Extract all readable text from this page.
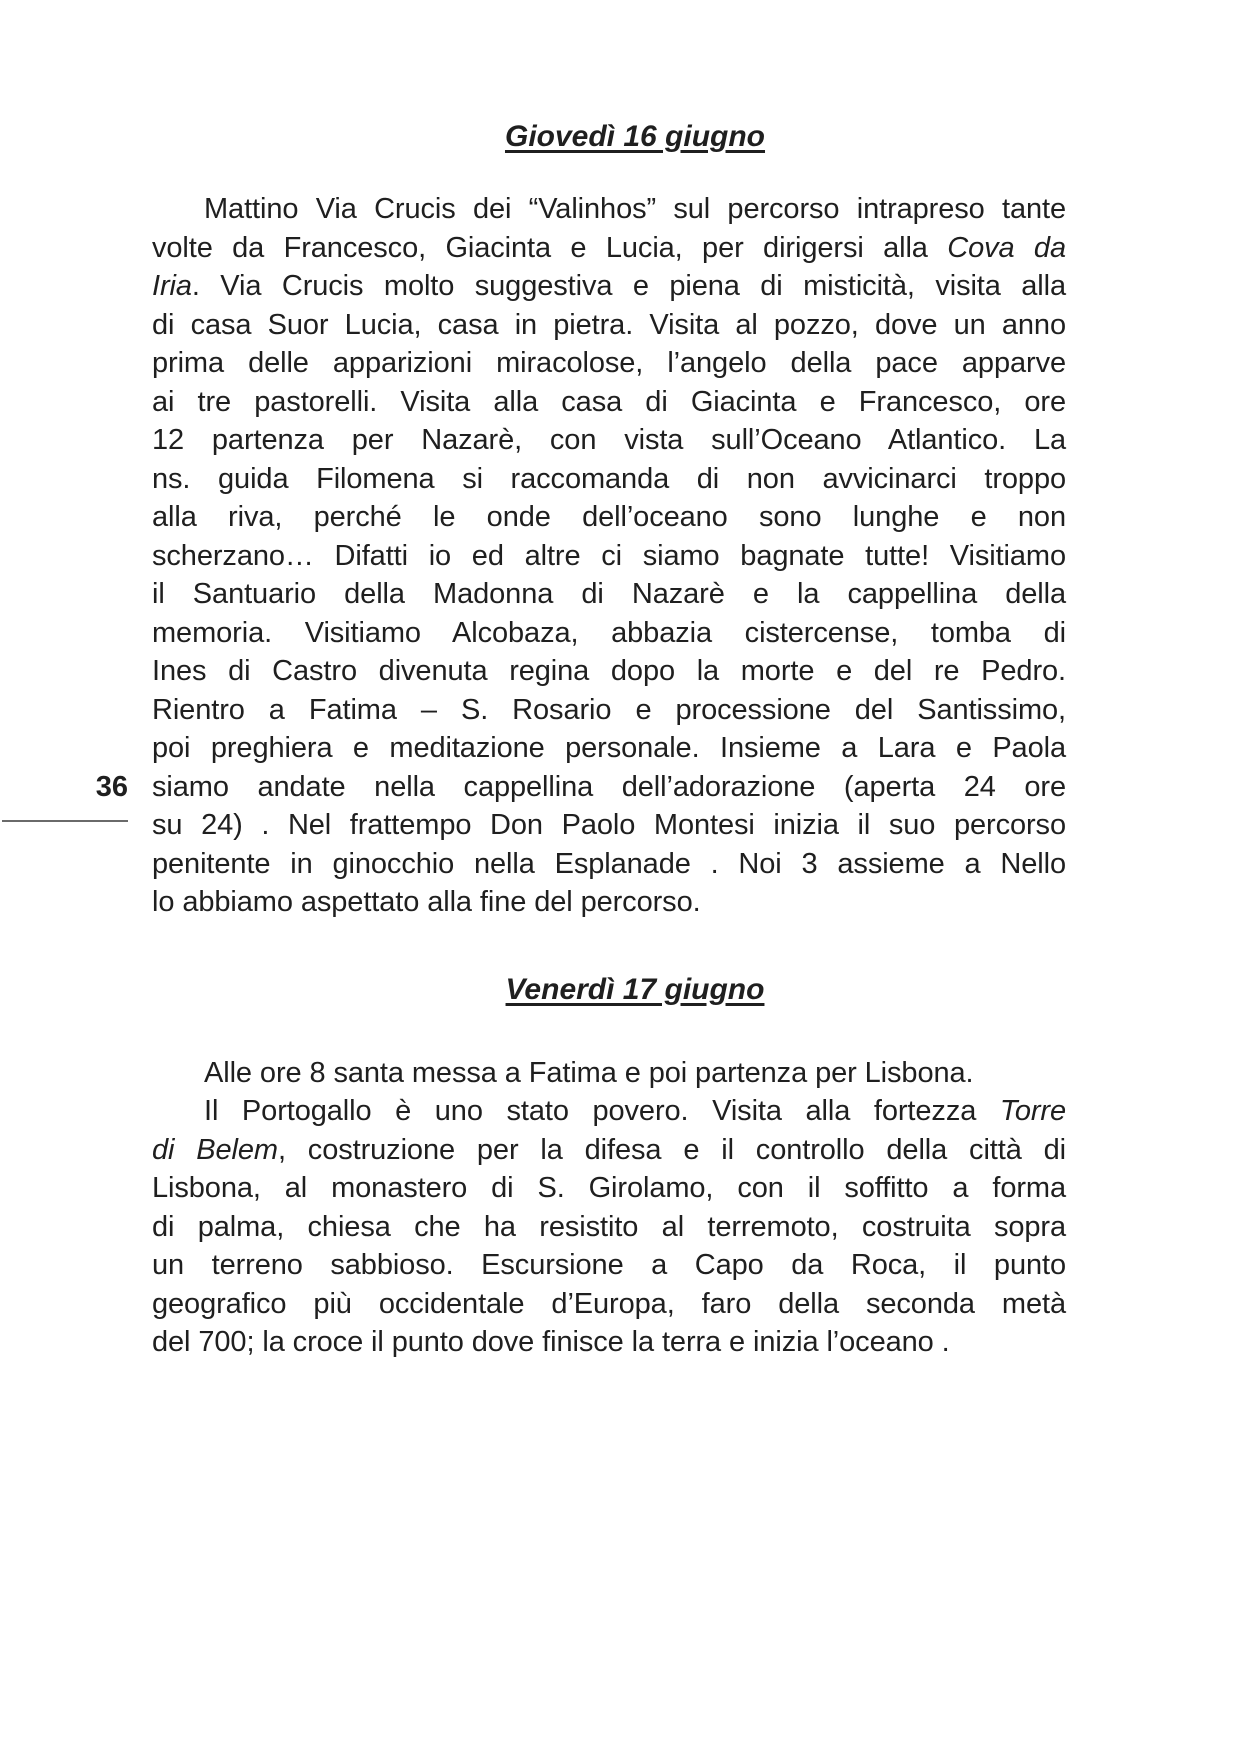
36
Giovedì 16 giugno
Mattino Via Crucis dei “Valinhos” sul percorso intrapreso tante
volte da Francesco, Giacinta e Lucia, per dirigersi alla Cova da
Iria. Via Crucis molto suggestiva e piena di misticità, visita alla
di casa Suor Lucia, casa in pietra. Visita al pozzo, dove un anno
prima delle apparizioni miracolose, l’angelo della pace apparve
ai tre pastorelli. Visita alla casa di Giacinta e Francesco, ore
12 partenza per Nazarè, con vista sull’Oceano Atlantico. La
ns. guida Filomena si raccomanda di non avvicinarci troppo
alla riva, perché le onde dell’oceano sono lunghe e non
scherzano… Difatti io ed altre ci siamo bagnate tutte! Visitiamo
il Santuario della Madonna di Nazarè e la cappellina della
memoria. Visitiamo Alcobaza, abbazia cistercense, tomba di
Ines di Castro divenuta regina dopo la morte e del re Pedro.
Rientro a Fatima – S. Rosario e processione del Santissimo,
poi preghiera e meditazione personale. Insieme a Lara e Paola
siamo andate nella cappellina dell’adorazione (aperta 24 ore
su 24) . Nel frattempo Don Paolo Montesi inizia il suo percorso
penitente in ginocchio nella Esplanade . Noi 3 assieme a Nello
lo abbiamo aspettato alla fine del percorso.
Venerdì 17 giugno
Alle ore 8 santa messa a Fatima e poi partenza per Lisbona.
Il Portogallo è uno stato povero. Visita alla fortezza Torre
di Belem, costruzione per la difesa e il controllo della città di
Lisbona, al monastero di S. Girolamo, con il soffitto a forma
di palma, chiesa che ha resistito al terremoto, costruita sopra
un terreno sabbioso. Escursione a Capo da Roca, il punto
geografico più occidentale d’Europa, faro della seconda metà
del 700; la croce il punto dove finisce la terra e inizia l’oceano .
